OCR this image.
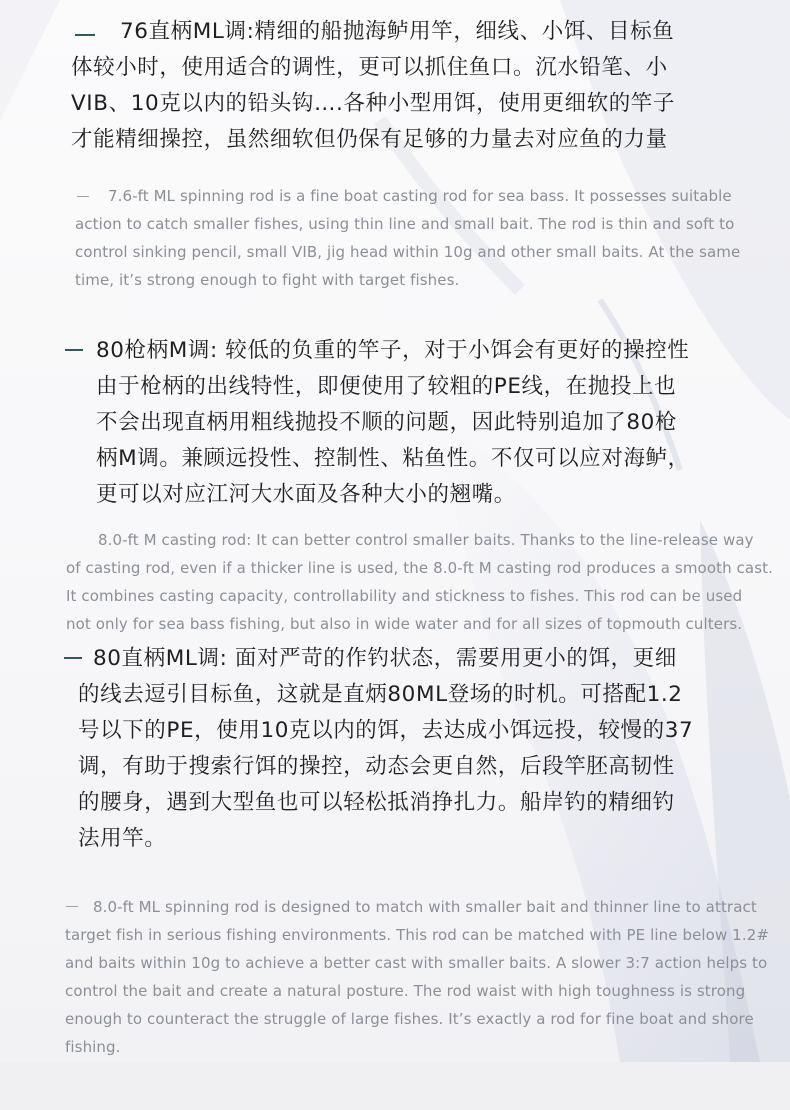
76直柄ML调:精细的船抛海鲈用竿，细线、小饵、目标鱼

体较小时，使用适合的调性，更可以抓住鱼口。沉水铅笔、小

VIB、10克以内的铅头钩….各种小型用饵，使用更细软的竿子

才能精细操控，虽然细软但仍保有足够的力量去对应鱼的力量

7.6-ft ML spinning rod is a fine boat casting rod for sea bass. It possesses suitable

action to catch smaller fishes, using thin line and small bait. The rod is thin and soft to

control sinking pencil, small VIB, jig head within 10g and other small baits. At the same

time, it’s strong enough to fight with target fishes.

80枪柄M调: 较低的负重的竿子，对于小饵会有更好的操控性

由于枪柄的出线特性，即便使用了较粗的PE线，在抛投上也

不会出现直柄用粗线抛投不顺的问题，因此特别追加了80枪

柄M调。兼顾远投性、控制性、粘鱼性。不仅可以应对海鲈，

更可以对应江河大水面及各种大小的翘嘴。

8.0-ft M casting rod: It can better control smaller baits. Thanks to the line-release way

of casting rod, even if a thicker line is used, the 8.0-ft M casting rod produces a smooth cast.

It combines casting capacity, controllability and stickness to fishes. This rod can be used

not only for sea bass fishing, but also in wide water and for all sizes of topmouth culters.

80直柄ML调: 面对严苛的作钓状态，需要用更小的饵，更细

的线去逗引目标鱼，这就是直炳80ML登场的时机。可搭配1.2

号以下的PE，使用10克以内的饵，去达成小饵远投，较慢的37

调，有助于搜索行饵的操控，动态会更自然，后段竿胚高韧性

的腰身，遇到大型鱼也可以轻松抵消挣扎力。船岸钓的精细钓

法用竿。

8.0-ft ML spinning rod is designed to match with smaller bait and thinner line to attract

target fish in serious fishing environments. This rod can be matched with PE line below 1.2#

and baits within 10g to achieve a better cast with smaller baits. A slower 3:7 action helps to

control the bait and create a natural posture. The rod waist with high toughness is strong

enough to counteract the struggle of large fishes. It’s exactly a rod for fine boat and shore

fishing.
